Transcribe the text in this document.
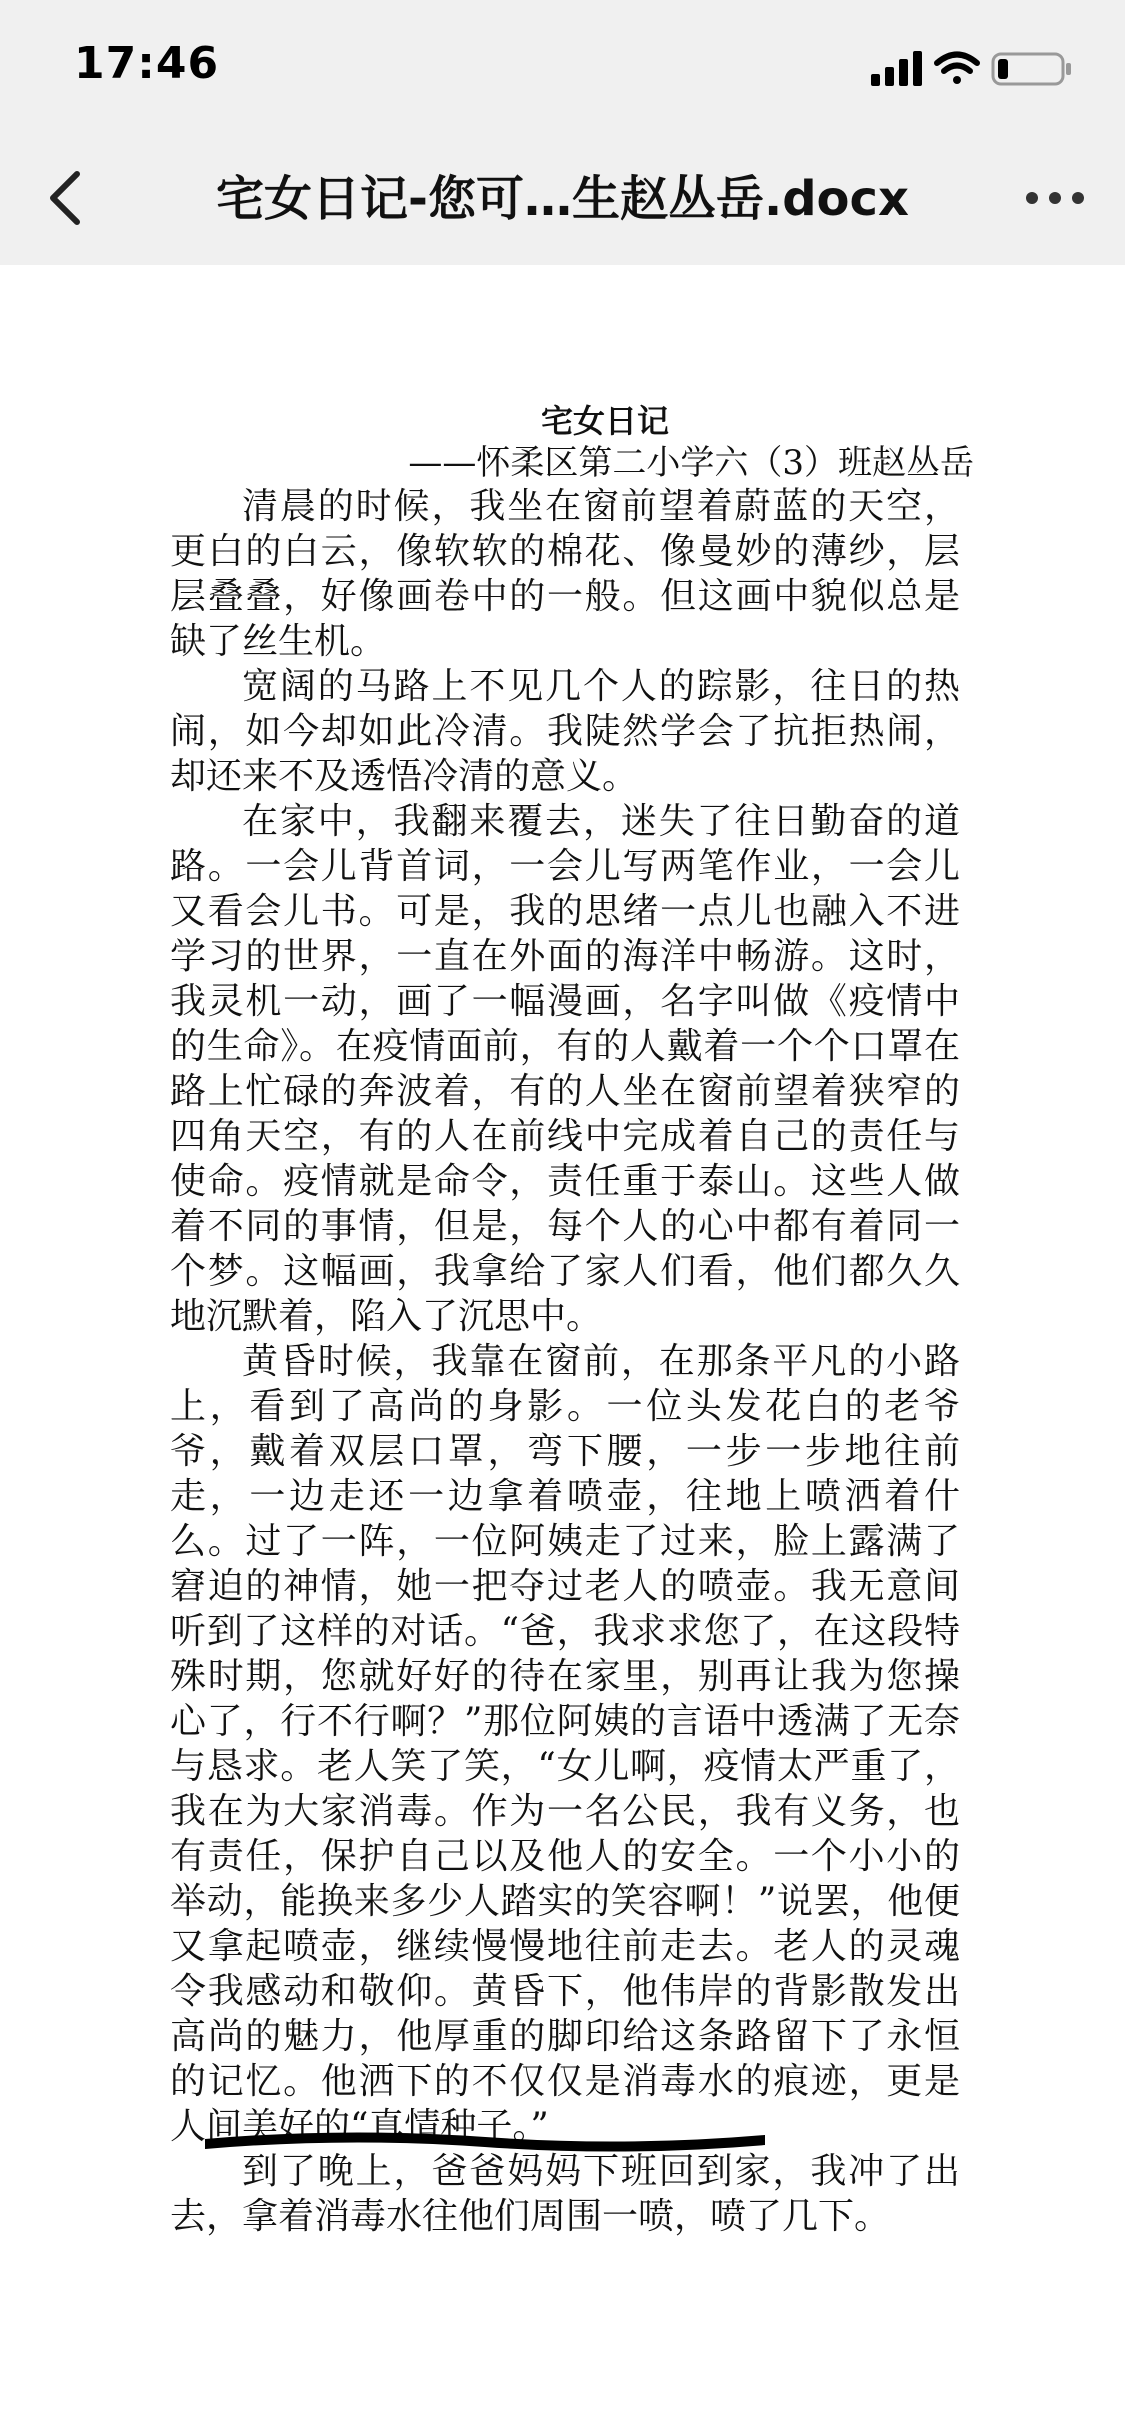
17:46
宅女日记-您可…生赵丛岳.docx
宅女日记
——怀柔区第二小学六（3）班赵丛岳

清晨的时候，我坐在窗前望着蔚蓝的天空，更白的白云，像软软的棉花、像曼妙的薄纱，层层叠叠，好像画卷中的一般。但这画中貌似总是缺了丝生机。

宽阔的马路上不见几个人的踪影，往日的热闹，如今却如此冷清。我陡然学会了抗拒热闹，却还来不及透悟冷清的意义。

在家中，我翻来覆去，迷失了往日勤奋的道路。一会儿背首词，一会儿写两笔作业，一会儿又看会儿书。可是，我的思绪一点儿也融入不进学习的世界，一直在外面的海洋中畅游。这时，我灵机一动，画了一幅漫画，名字叫做《疫情中的生命》。在疫情面前，有的人戴着一个个口罩在路上忙碌的奔波着，有的人坐在窗前望着狭窄的四角天空，有的人在前线中完成着自己的责任与使命。疫情就是命令，责任重于泰山。这些人做着不同的事情，但是，每个人的心中都有着同一个梦。这幅画，我拿给了家人们看，他们都久久地沉默着，陷入了沉思中。

黄昏时候，我靠在窗前，在那条平凡的小路上，看到了高尚的身影。一位头发花白的老爷爷，戴着双层口罩，弯下腰，一步一步地往前走，一边走还一边拿着喷壶，往地上喷洒着什么。过了一阵，一位阿姨走了过来，脸上露满了窘迫的神情，她一把夺过老人的喷壶。我无意间听到了这样的对话。“爸，我求求您了，在这段特殊时期，您就好好的待在家里，别再让我为您操心了，行不行啊？”那位阿姨的言语中透满了无奈与恳求。老人笑了笑，“女儿啊，疫情太严重了，我在为大家消毒。作为一名公民，我有义务，也有责任，保护自己以及他人的安全。一个小小的举动，能换来多少人踏实的笑容啊！”说罢，他便又拿起喷壶，继续慢慢地往前走去。老人的灵魂令我感动和敬仰。黄昏下，他伟岸的背影散发出高尚的魅力，他厚重的脚印给这条路留下了永恒的记忆。他洒下的不仅仅是消毒水的痕迹，更是人间美好的“真情种子。”

到了晚上，爸爸妈妈下班回到家，我冲了出去，拿着消毒水往他们周围一喷，喷了几下。
